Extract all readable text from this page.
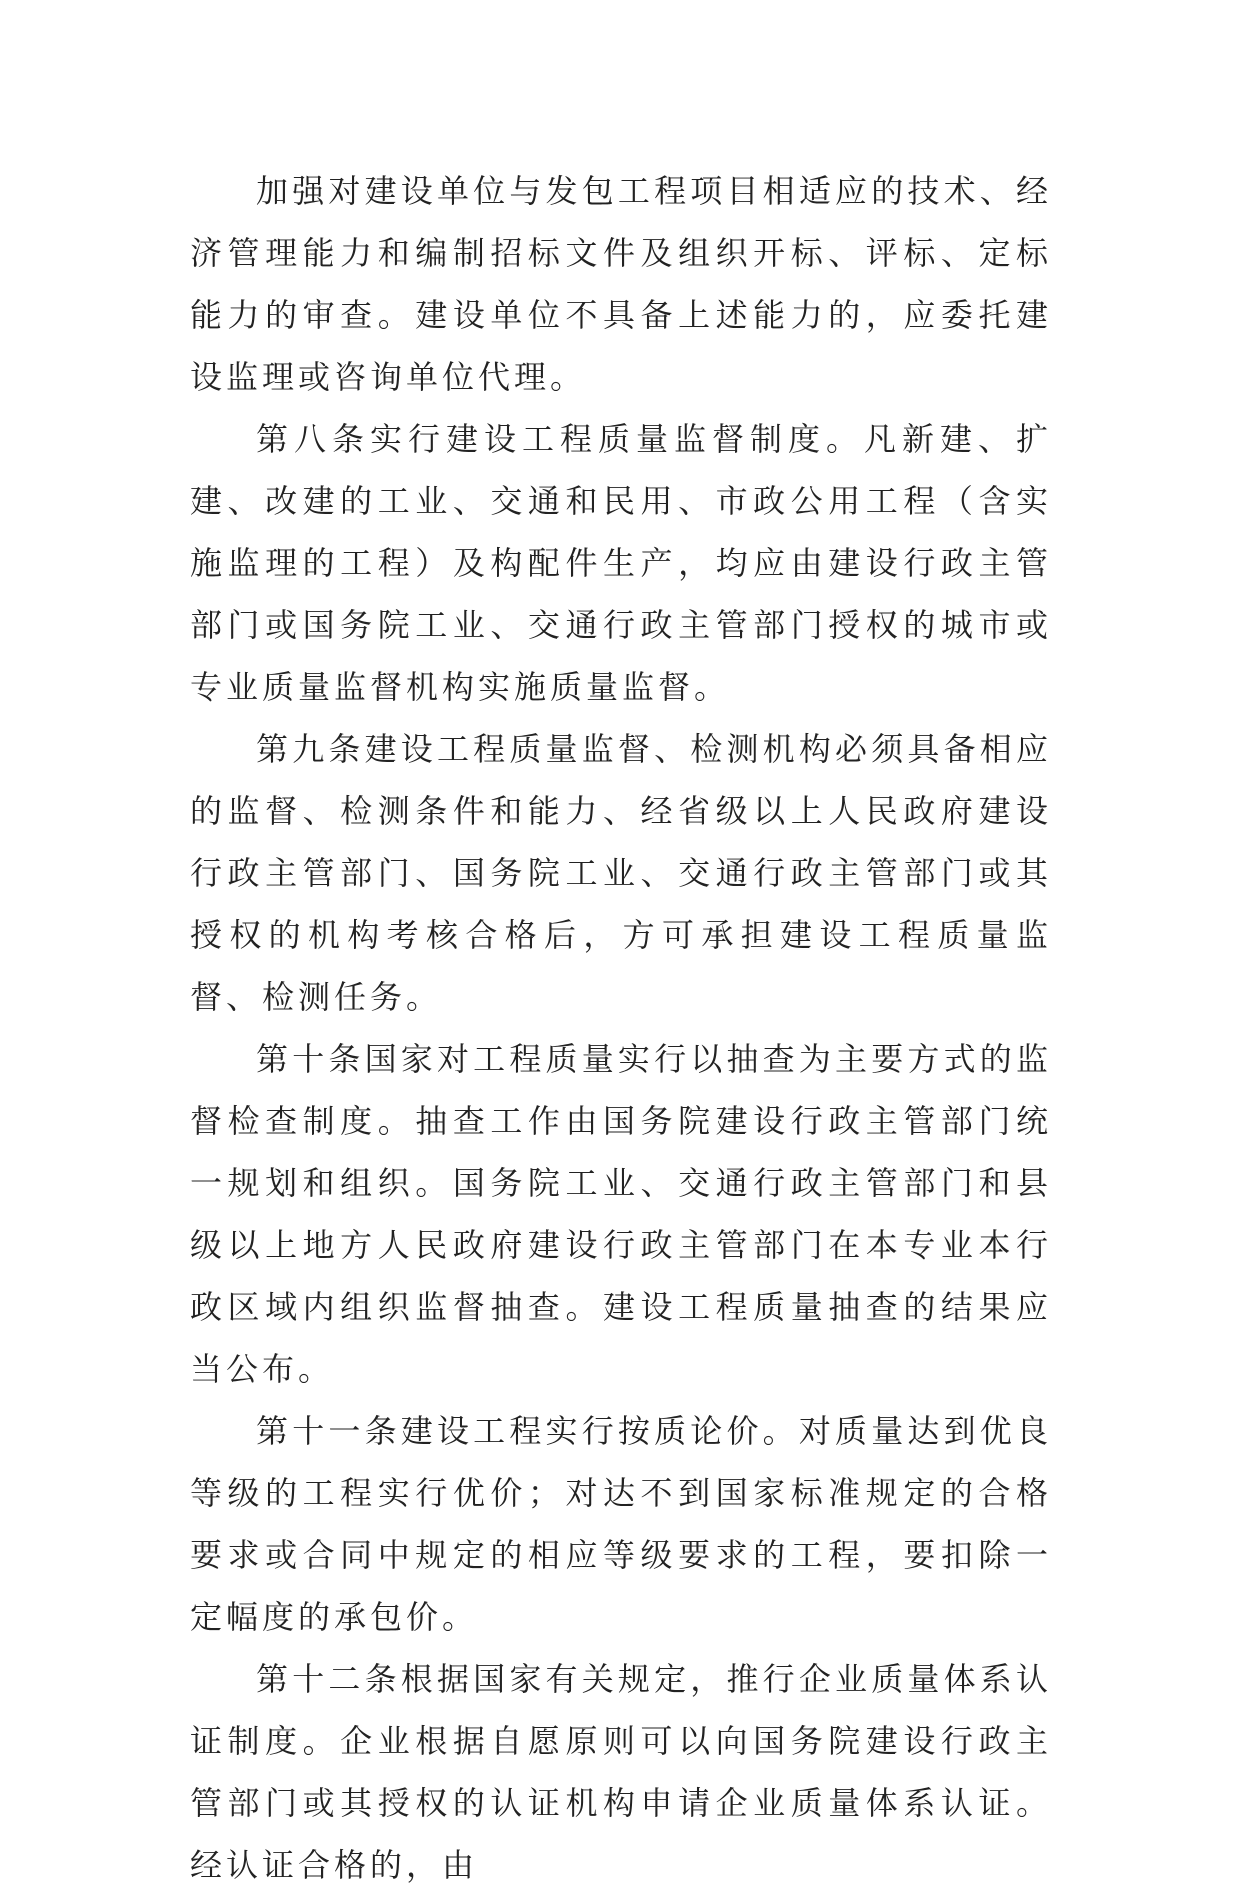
加强对建设单位与发包工程项目相适应的技术、经济管理能力和编制招标文件及组织开标、评标、定标能力的审查。建设单位不具备上述能力的，应委托建设监理或咨询单位代理。

第八条实行建设工程质量监督制度。凡新建、扩建、改建的工业、交通和民用、市政公用工程（含实施监理的工程）及构配件生产，均应由建设行政主管部门或国务院工业、交通行政主管部门授权的城市或专业质量监督机构实施质量监督。

第九条建设工程质量监督、检测机构必须具备相应的监督、检测条件和能力、经省级以上人民政府建设行政主管部门、国务院工业、交通行政主管部门或其授权的机构考核合格后，方可承担建设工程质量监督、检测任务。

第十条国家对工程质量实行以抽查为主要方式的监督检查制度。抽查工作由国务院建设行政主管部门统一规划和组织。国务院工业、交通行政主管部门和县级以上地方人民政府建设行政主管部门在本专业本行政区域内组织监督抽查。建设工程质量抽查的结果应当公布。

第十一条建设工程实行按质论价。对质量达到优良等级的工程实行优价；对达不到国家标准规定的合格要求或合同中规定的相应等级要求的工程，要扣除一定幅度的承包价。

第十二条根据国家有关规定，推行企业质量体系认证制度。企业根据自愿原则可以向国务院建设行政主管部门或其授权的认证机构申请企业质量体系认证。经认证合格的，由
